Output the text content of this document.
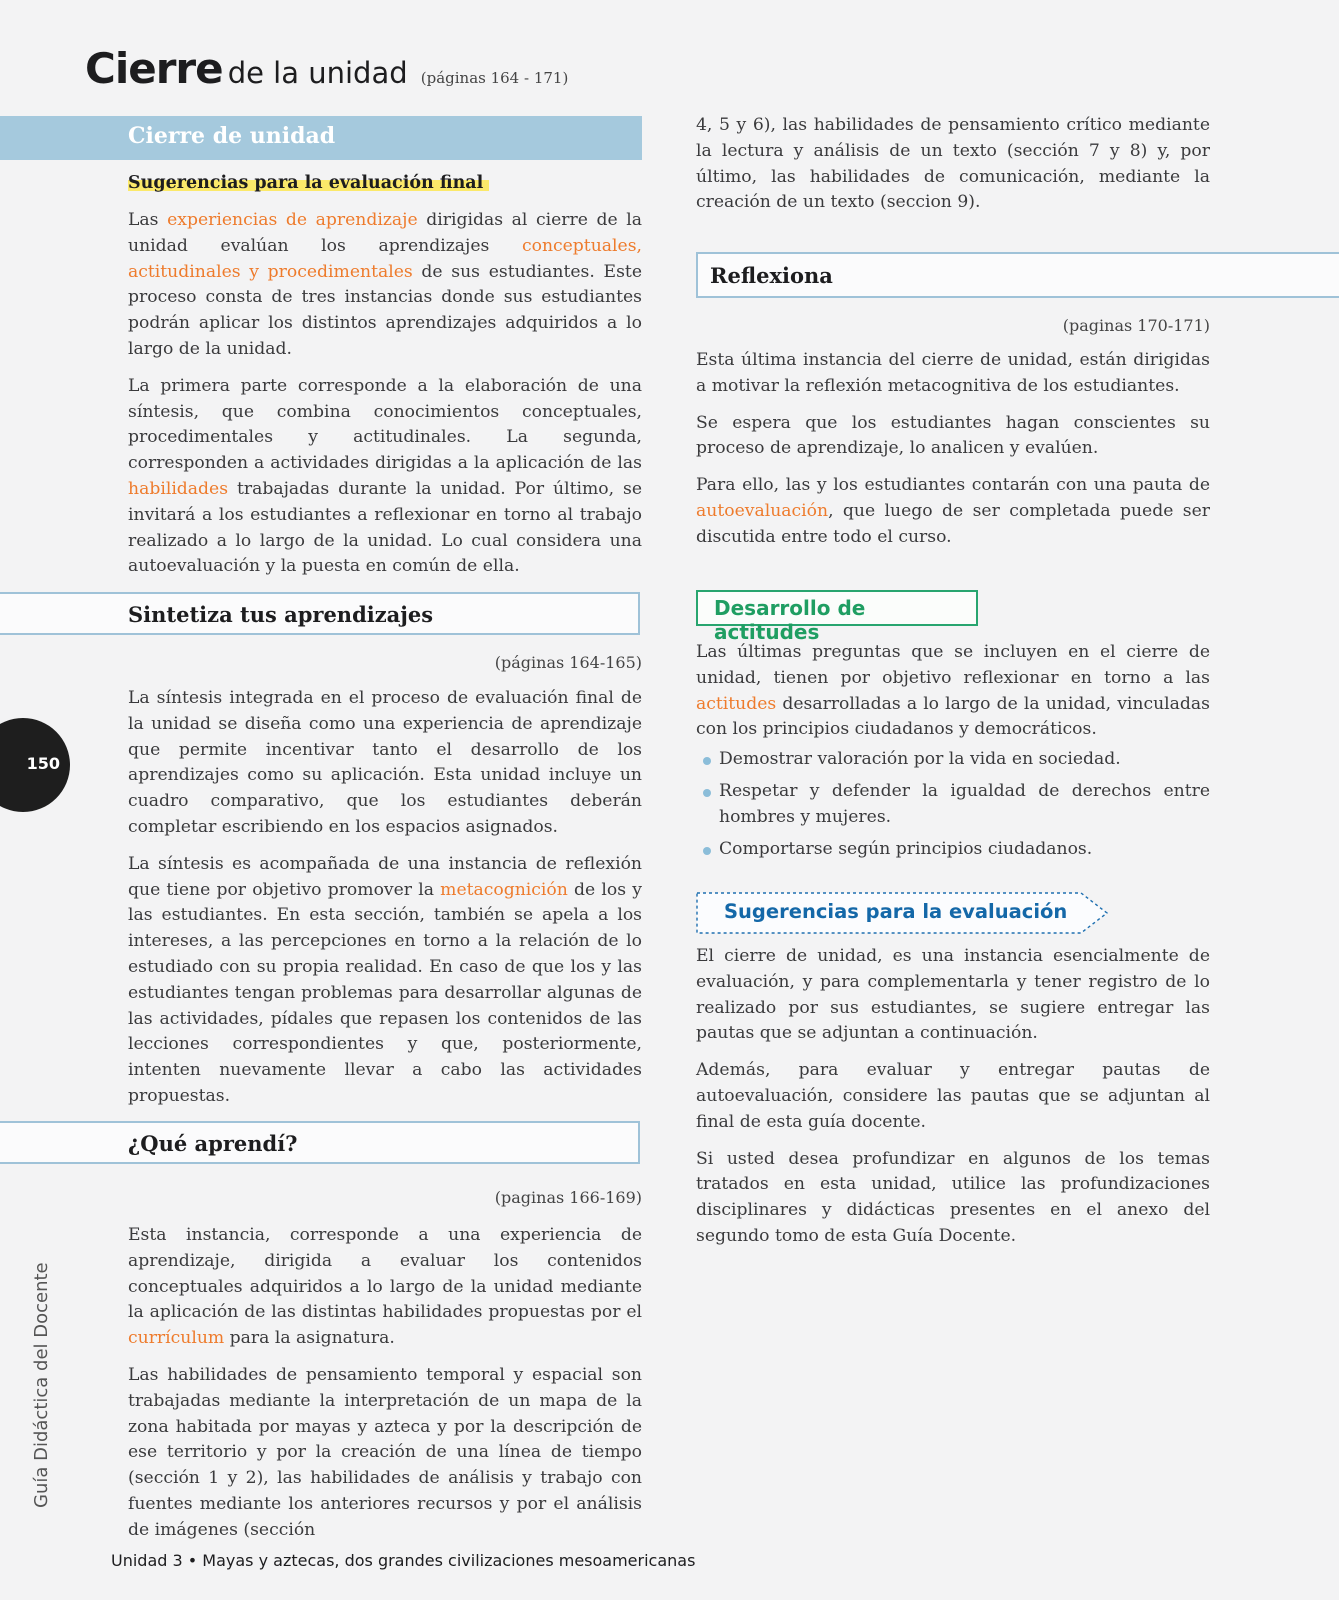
Cierre de la unidad (páginas 164 - 171)
Cierre de unidad
Sugerencias para la evaluación final

Las experiencias de aprendizaje dirigidas al cierre de la unidad evalúan los aprendizajes conceptuales, actitudinales y procedimentales de sus estudiantes. Este proceso consta de tres instancias donde sus estudiantes podrán aplicar los distintos aprendizajes adquiridos a lo largo de la unidad.

La primera parte corresponde a la elaboración de una síntesis, que combina conocimientos conceptuales, procedimentales y actitudinales. La segunda, corresponden a actividades dirigidas a la aplicación de las habilidades trabajadas durante la unidad. Por último, se invitará a los estudiantes a reflexionar en torno al trabajo realizado a lo largo de la unidad. Lo cual considera una autoevaluación y la puesta en común de ella.

Sintetiza tus aprendizajes
(páginas 164-165)

La síntesis integrada en el proceso de evaluación final de la unidad se diseña como una experiencia de aprendizaje que permite incentivar tanto el desarrollo de los aprendizajes como su aplicación. Esta unidad incluye un cuadro comparativo, que los estudiantes deberán completar escribiendo en los espacios asignados.

La síntesis es acompañada de una instancia de reflexión que tiene por objetivo promover la metacognición de los y las estudiantes. En esta sección, también se apela a los intereses, a las percepciones en torno a la relación de lo estudiado con su propia realidad. En caso de que los y las estudiantes tengan problemas para desarrollar algunas de las actividades, pídales que repasen los contenidos de las lecciones correspondientes y que, posteriormente, intenten nuevamente llevar a cabo las actividades propuestas.

¿Qué aprendí?
(paginas 166-169)

Esta instancia, corresponde a una experiencia de aprendizaje, dirigida a evaluar los contenidos conceptuales adquiridos a lo largo de la unidad mediante la aplicación de las distintas habilidades propuestas por el currículum para la asignatura.

Las habilidades de pensamiento temporal y espacial son trabajadas mediante la interpretación de un mapa de la zona habitada por mayas y azteca y por la descripción de ese territorio y por la creación de una línea de tiempo (sección 1 y 2), las habilidades de análisis y trabajo con fuentes mediante los anteriores recursos y por el análisis de imágenes (sección

4, 5 y 6), las habilidades de pensamiento crítico mediante la lectura y análisis de un texto (sección 7 y 8) y, por último, las habilidades de comunicación, mediante la creación de un texto (seccion 9).

Reflexiona
(paginas 170-171)

Esta última instancia del cierre de unidad, están dirigidas a motivar la reflexión metacognitiva de los estudiantes.

Se espera que los estudiantes hagan conscientes su proceso de aprendizaje, lo analicen y evalúen.

Para ello, las y los estudiantes contarán con una pauta de autoevaluación, que luego de ser completada puede ser discutida entre todo el curso.

Desarrollo de actitudes

Las últimas preguntas que se incluyen en el cierre de unidad, tienen por objetivo reflexionar en torno a las actitudes desarrolladas a lo largo de la unidad, vinculadas con los principios ciudadanos y democráticos.

Demostrar valoración por la vida en sociedad.
Respetar y defender la igualdad de derechos entre hombres y mujeres.
Comportarse según principios ciudadanos.
Sugerencias para la evaluación

El cierre de unidad, es una instancia esencialmente de evaluación, y para complementarla y tener registro de lo realizado por sus estudiantes, se sugiere entregar las pautas que se adjuntan a continuación.

Además, para evaluar y entregar pautas de autoevaluación, considere las pautas que se adjuntan al final de esta guía docente.

Si usted desea profundizar en algunos de los temas tratados en esta unidad, utilice las profundizaciones disciplinares y didácticas presentes en el anexo del segundo tomo de esta Guía Docente.

150
Guía Didáctica del Docente
Unidad 3 • Mayas y aztecas, dos grandes civilizaciones mesoamericanas
